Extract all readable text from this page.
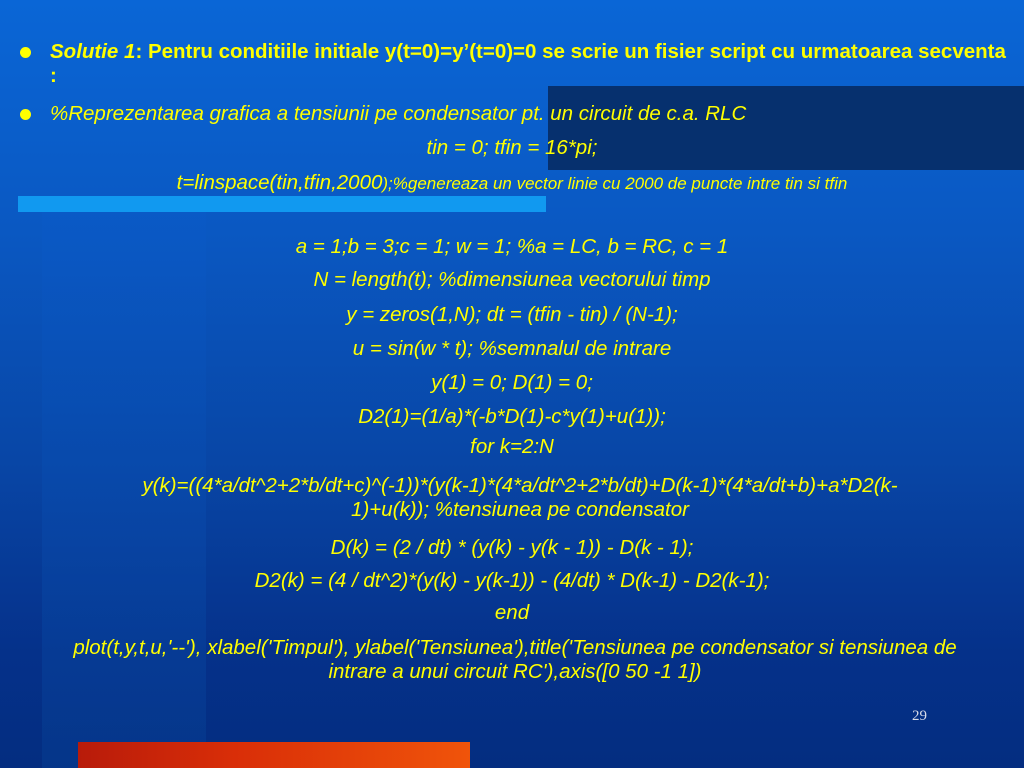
Solutie 1: Pentru conditiile initiale y(t=0)=y’(t=0)=0 se scrie un fisier script cu urmatoarea secventa :
%Reprezentarea grafica a tensiunii pe condensator pt. un circuit de c.a. RLC
tin = 0; tfin = 16*pi;
t=linspace(tin,tfin,2000);%genereaza un vector linie cu 2000 de puncte intre tin si tfin
a = 1;b = 3;c = 1; w = 1; %a = LC, b = RC, c = 1
N = length(t); %dimensiunea vectorului timp
y = zeros(1,N); dt = (tfin - tin) / (N-1);
u = sin(w * t); %semnalul de intrare
y(1) = 0; D(1) = 0;
D2(1)=(1/a)*(-b*D(1)-c*y(1)+u(1));
for k=2:N
y(k)=((4*a/dt^2+2*b/dt+c)^(-1))*(y(k-1)*(4*a/dt^2+2*b/dt)+D(k-1)*(4*a/dt+b)+a*D2(k-1)+u(k)); %tensiunea pe condensator
D(k) = (2 / dt) * (y(k) - y(k - 1)) - D(k - 1);
D2(k) = (4 / dt^2)*(y(k) - y(k-1)) - (4/dt) * D(k-1) - D2(k-1);
end
plot(t,y,t,u,'--'), xlabel('Timpul'), ylabel('Tensiunea'),title('Tensiunea pe condensator si tensiunea de intrare a unui circuit RC'),axis([0 50 -1 1])
29
